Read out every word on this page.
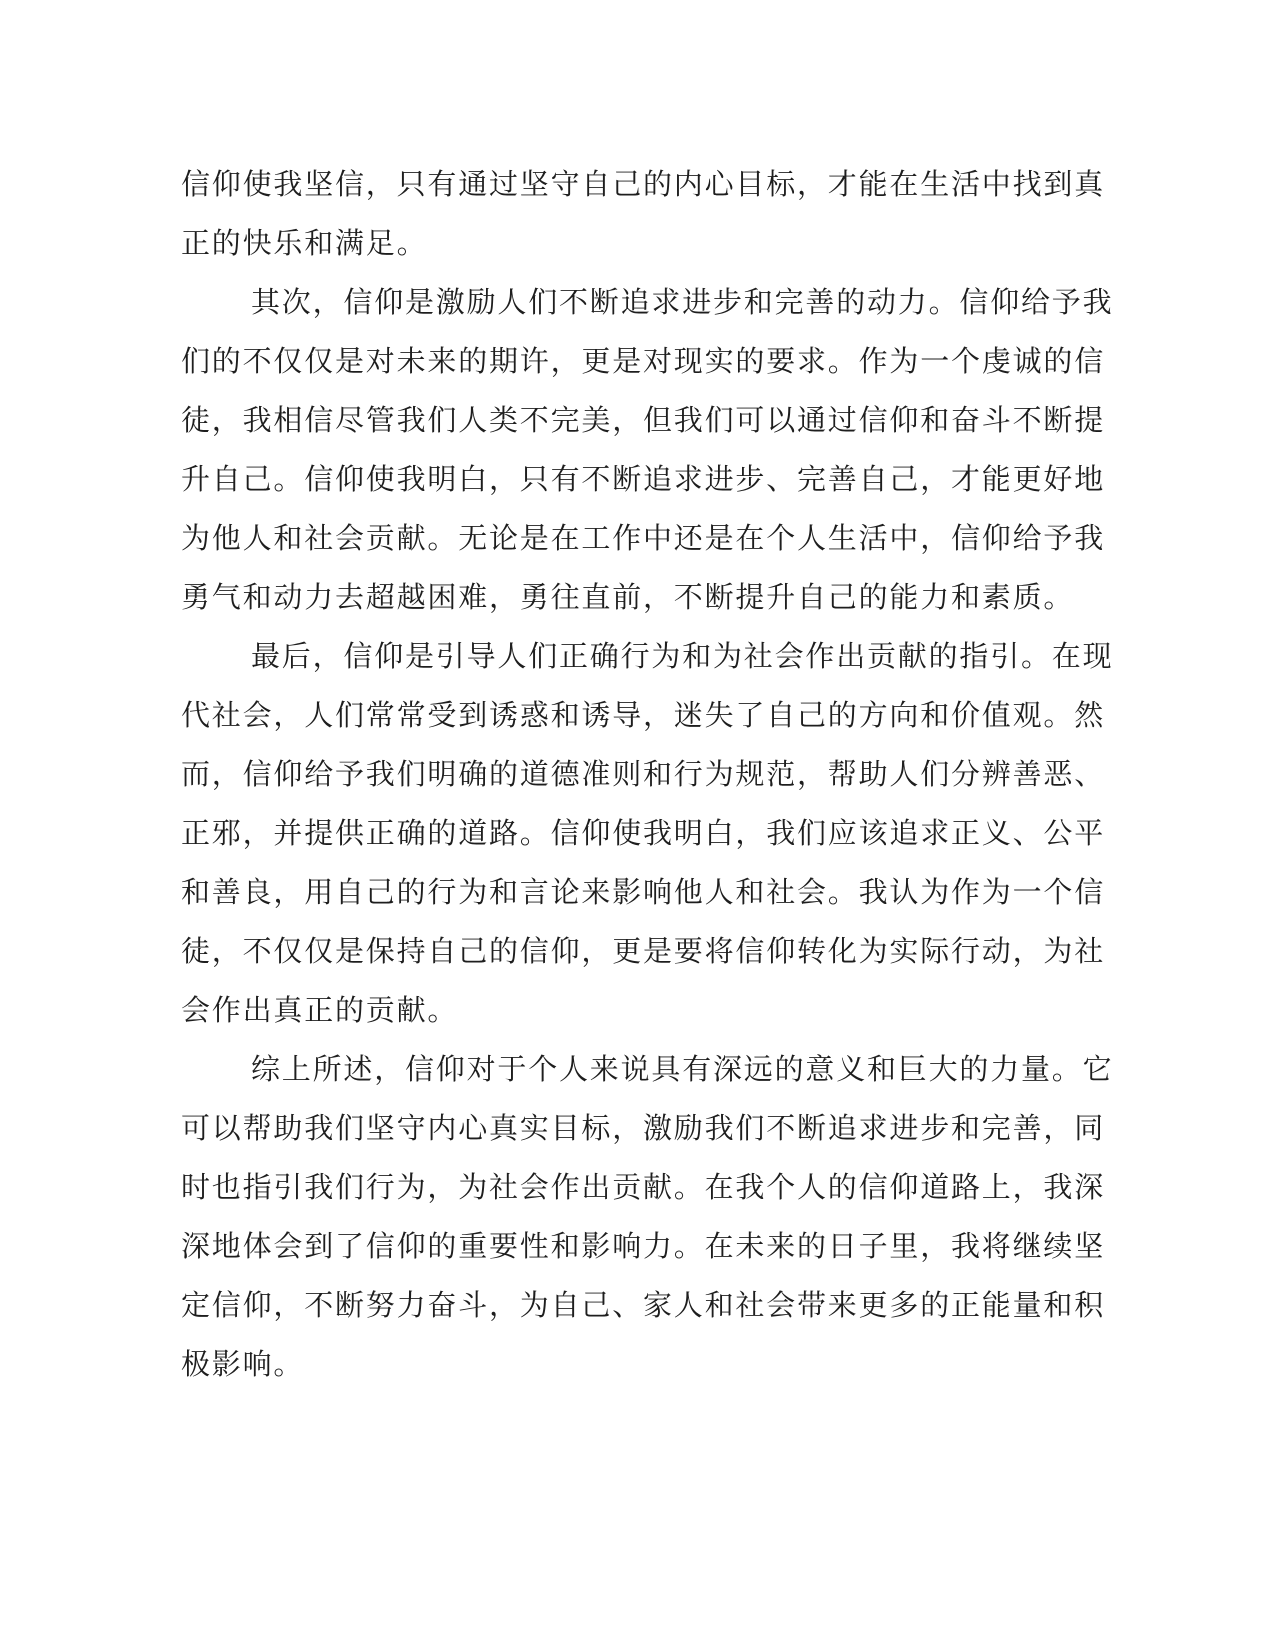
信仰使我坚信，只有通过坚守自己的内心目标，才能在生活中找到真
正的快乐和满足。
其次，信仰是激励人们不断追求进步和完善的动力。信仰给予我
们的不仅仅是对未来的期许，更是对现实的要求。作为一个虔诚的信
徒，我相信尽管我们人类不完美，但我们可以通过信仰和奋斗不断提
升自己。信仰使我明白，只有不断追求进步、完善自己，才能更好地
为他人和社会贡献。无论是在工作中还是在个人生活中，信仰给予我
勇气和动力去超越困难，勇往直前，不断提升自己的能力和素质。
最后，信仰是引导人们正确行为和为社会作出贡献的指引。在现
代社会，人们常常受到诱惑和诱导，迷失了自己的方向和价值观。然
而，信仰给予我们明确的道德准则和行为规范，帮助人们分辨善恶、
正邪，并提供正确的道路。信仰使我明白，我们应该追求正义、公平
和善良，用自己的行为和言论来影响他人和社会。我认为作为一个信
徒，不仅仅是保持自己的信仰，更是要将信仰转化为实际行动，为社
会作出真正的贡献。
综上所述，信仰对于个人来说具有深远的意义和巨大的力量。它
可以帮助我们坚守内心真实目标，激励我们不断追求进步和完善，同
时也指引我们行为，为社会作出贡献。在我个人的信仰道路上，我深
深地体会到了信仰的重要性和影响力。在未来的日子里，我将继续坚
定信仰，不断努力奋斗，为自己、家人和社会带来更多的正能量和积
极影响。
